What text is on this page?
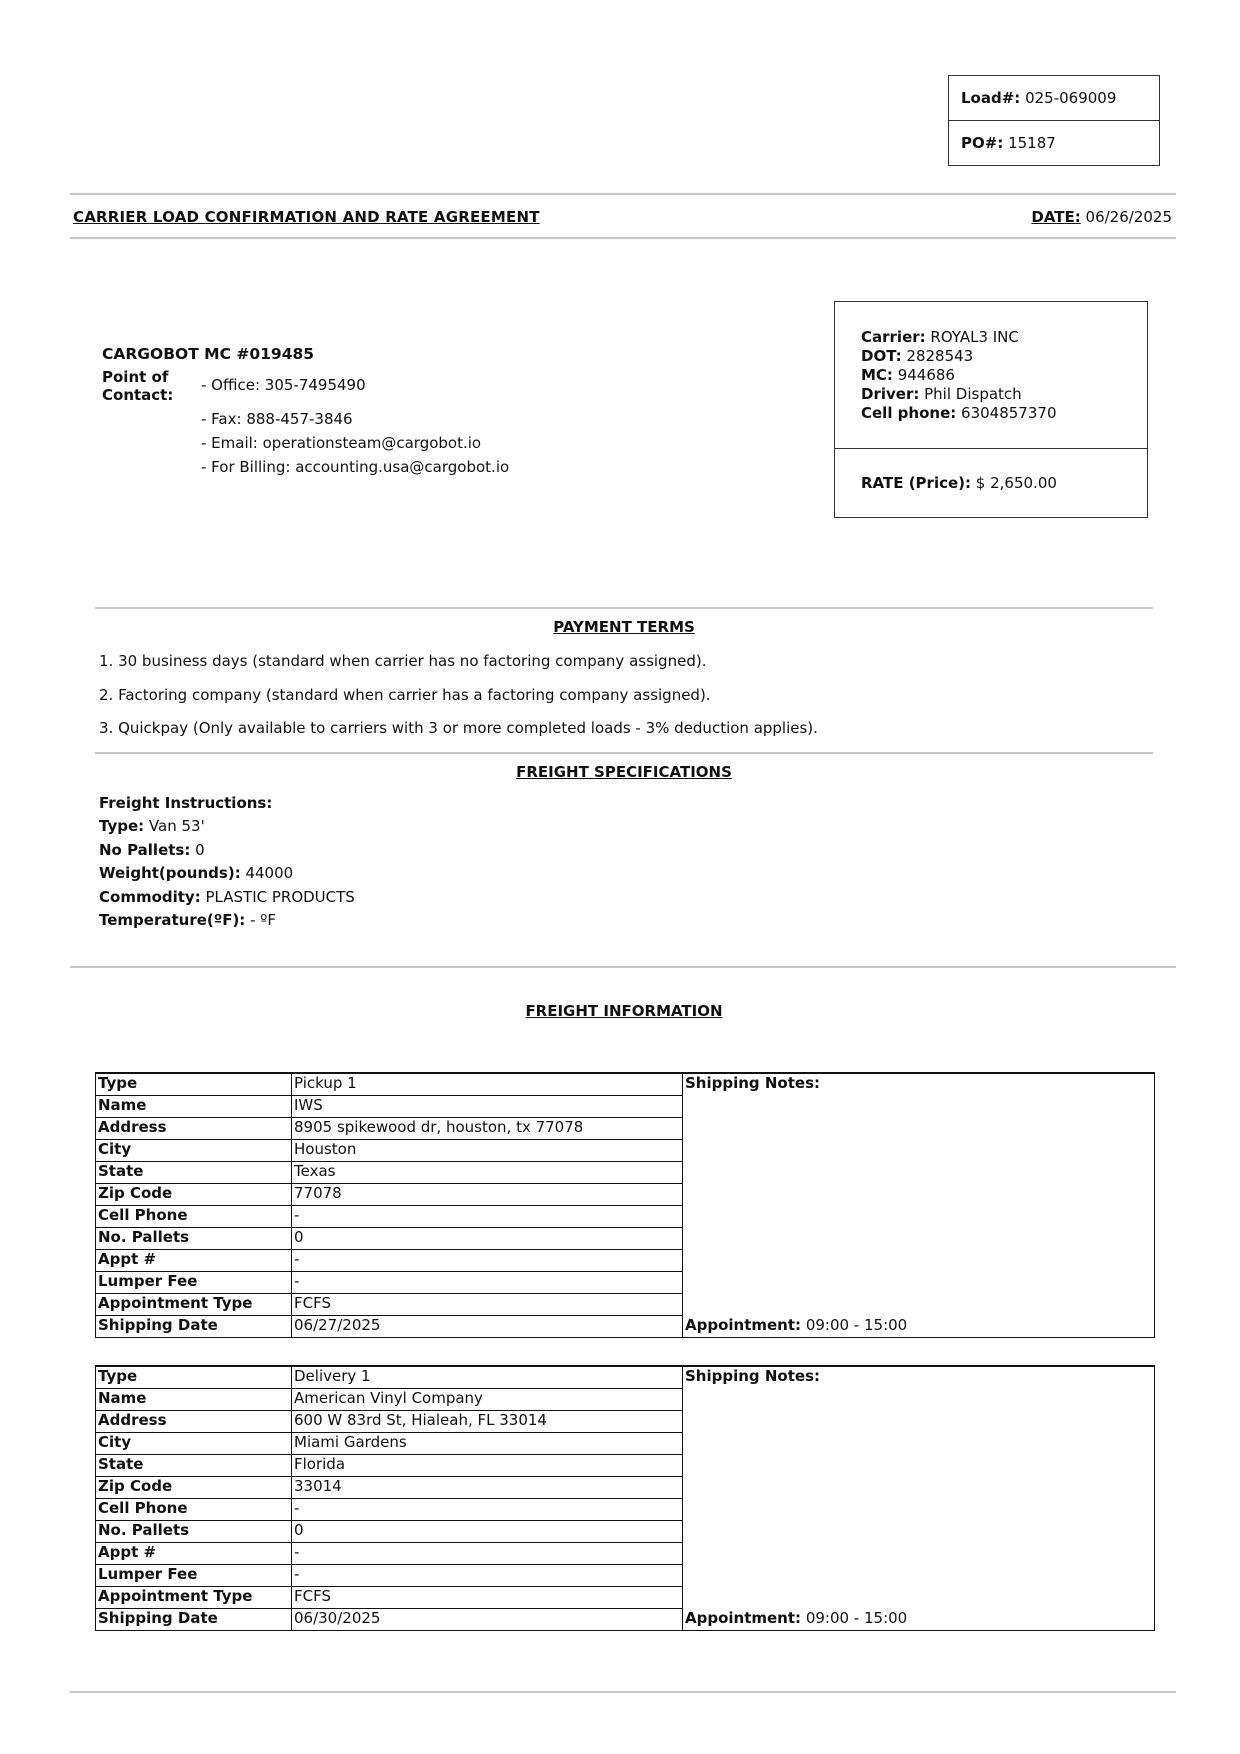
Load#: 025-069009
PO#: 15187
CARRIER LOAD CONFIRMATION AND RATE AGREEMENT	DATE: 06/26/2025
CARGOBOT MC #019485
Point of Contact:
- Office: 305-7495490
- Fax: 888-457-3846
- Email: operationsteam@cargobot.io
- For Billing: accounting.usa@cargobot.io
Carrier: ROYAL3 INC
DOT: 2828543
MC: 944686
Driver: Phil Dispatch
Cell phone: 6304857370
RATE (Price): $ 2,650.00
PAYMENT TERMS
1. 30 business days (standard when carrier has no factoring company assigned).
2. Factoring company (standard when carrier has a factoring company assigned).
3. Quickpay (Only available to carriers with 3 or more completed loads - 3% deduction applies).
FREIGHT SPECIFICATIONS
Freight Instructions:
Type: Van 53'
No Pallets: 0
Weight(pounds): 44000
Commodity: PLASTIC PRODUCTS
Temperature(ºF): - ºF
FREIGHT INFORMATION
Type	Pickup 1	Shipping Notes:
Name	IWS	
Address	8905 spikewood dr, houston, tx 77078	
City	Houston	
State	Texas	
Zip Code	77078	
Cell Phone	-	
No. Pallets	0	
Appt #	-	
Lumper Fee	-	
Appointment Type	FCFS	
Shipping Date	06/27/2025	Appointment: 09:00 - 15:00
Type	Delivery 1	Shipping Notes:
Name	American Vinyl Company	
Address	600 W 83rd St, Hialeah, FL 33014	
City	Miami Gardens	
State	Florida	
Zip Code	33014	
Cell Phone	-	
No. Pallets	0	
Appt #	-	
Lumper Fee	-	
Appointment Type	FCFS	
Shipping Date	06/30/2025	Appointment: 09:00 - 15:00
